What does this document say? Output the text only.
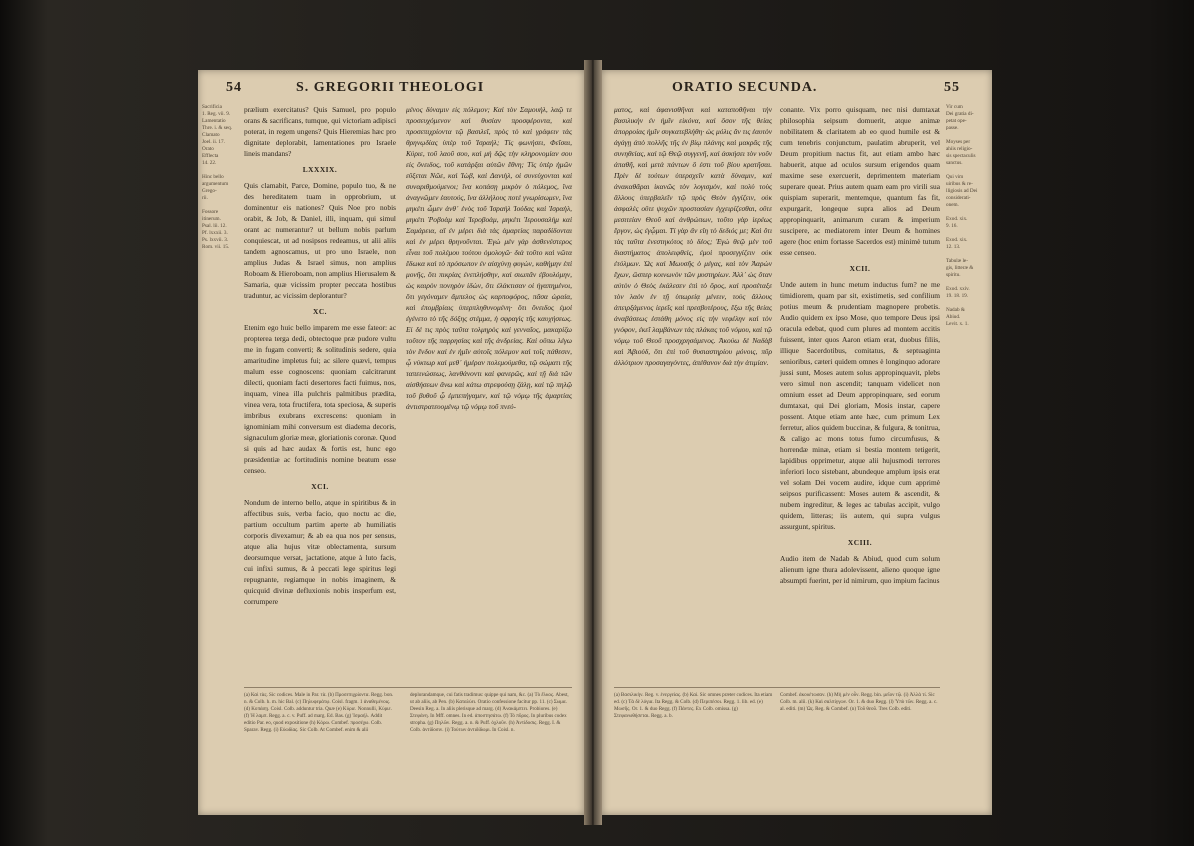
54	S. GREGORII THEOLOGI
Sacrificia
1. Reg. vii. 9.
Lamentatio
Thre. i. & seq.
Clamato
Joel. ii. 17.
Orato
Efflecta
14. 22.

Hinc bello
argumentum
Grego-
rii.

Fossore
itinerum.
Psal. lii. 12.
Pf. lxxxii. 3.
Ps. lxxvii. 3.
Rom. vii. 15.
prælium exercitatus? Quis Samuel, pro populo orans & sacrificans, tumque, qui victoriam adipisci poterat, in regem ungens? Quis Hieremias hæc pro dignitate deplorabit, lamentationes pro Israele lineis mandans?
LXXXIX.
Quis clamabit, Parce, Domine, populo tuo, & ne des hereditatem tuam in opprobrium, ut dominentur eis nationes? Quis Noe pro nobis orabit, & Job, & Daniel, illi, inquam, qui simul orant ac numerantur? ut bellum nobis parlum conquiescat, ut ad nosipsos redeamus, ut alii aliis tandem agnoscamus, ut pro uno Israele, non amplius Judas & Israel simus, non amplius Roboam & Hieroboam, non amplius Hierusalem & Samaria, quæ vicissim propter peccata hostibus traduntur, ac vicissim deplorantur?
XC.
Etenim ego huic bello imparem me esse fateor: ac propterea terga dedi, obtectoque præ pudore vultu me in fugam converti; & solitudinis sedere, quia amaritudine impletus fui; ac silere quævi, tempus malum esse cognoscens: quoniam calcitrarunt dilecti, quoniam facti desertores facti fuimus, nos, inquam, vinea illa pulchris palmitibus prædita, vinea vera, tota fructifera, tota speciosa, & superis imbribus exubrans excrescens: quoniam in ignominiam mihi conversum est diadema decoris, signaculum gloriæ meæ, gloriationis coronæ. Quod si quis ad hæc audax & fortis est, hunc ego præsidentiæ ac fortitudinis nomine beatum esse censeo.
XCI.
Nondum de interno bello, atque in spiritibus & in affectibus suis, verba facio, quo noctu ac die, partium occultum partim aperte ab humiliatis corporis divexamur; & ab ea qua nos per sensus, atque alia hujus vitæ oblectamenta, sursum deorsumque versat, jactatione, atque à luto facis, cui infixi sumus, & à peccati lege spiritus legi repugnante, regiamque in nobis imaginem, & quicquid divinæ defluxionis nobis insperfum est, corrumpere
μένος δύναμιν εἰς πόλεμον; Καὶ τὸν Σαμουὴλ, λαῷ τε προσευχόμενον καὶ θυσίαν προσφέροντα, καὶ προσεπιχρίοντα τῷ βασιλεῖ, πρὸς τὸ καὶ γράφειν τὰς θρηνῳδίας ὑπὲρ τοῦ Ἰσραήλ; Τίς φωνήσει, Φεῖσαι, Κύριε, τοῦ λαοῦ σου, καὶ μὴ δῷς τὴν κληρονομίαν σου εἰς ὄνειδος, τοῦ κατάρξαι αὐτῶν ἔθνη; Τίς ὑπὲρ ἡμῶν εὔξεται Νῶε, καὶ Ἰὼβ, καὶ Δανιὴλ, οἱ συνεύχονται καὶ συναριθμούμενοι; ἵνα κοπάσῃ μικρὸν ὁ πόλεμος, ἵνα ἀναγνῶμεν ἑαυτούς, ἵνα ἀλλήλους ποτὲ γνωρίσωμεν, ἵνα μηκέτι ὦμεν ἀνθ᾽ ἑνὸς τοῦ Ἰσραὴλ Ἰούδας καὶ Ἰσραὴλ, μηκέτι Ῥοβοὰμ καὶ Ἱεροβοὰμ, μηκέτι Ἱερουσαλὴμ καὶ Σαμάρεια, αἳ ἐν μέρει διὰ τὰς ἁμαρτίας παραδίδονται καὶ ἐν μέρει θρηνοῦνται. Ἐγὼ μὲν γὰρ ἀσθενέστερος εἶναι τοῦ πολέμου τούτου ὁμολογῶ· διὰ τοῦτο καὶ νῶτα ἔδωκα καὶ τὸ πρόσωπον ἐν αἰσχύνῃ φυγὼν, καθήμην ἐπὶ μονῆς, ὅτι πικρίας ἐνεπλήσθην, καὶ σιωπᾶν ἐβουλόμην, ὡς καιρὸν πονηρὸν ἰδὼν, ὅτι ἐλάκτισαν οἱ ἠγαπημένοι, ὅτι γεγόναμεν ἄμπελος ὡς καρποφόρος, πᾶσα ὡραία, καὶ ἐπομβρίαις ὑπερπληθυνομένη· ὅτι ὄνειδος ἐμοὶ ἐγένετο τὸ τῆς δόξης στέμμα, ἡ σφραγὶς τῆς καυχήσεως. Εἰ δέ τις πρὸς ταῦτα τολμηρὸς καὶ γενναῖος, μακαρίζω τοῦτον τῆς παρρησίας καὶ τῆς ἀνδρείας. Καὶ οὔπω λέγω τὸν ἔνδον καὶ ἐν ἡμῖν αὐτοῖς πόλεμον καὶ τοῖς πάθεσιν, ᾧ νύκτωρ καὶ μεθ᾽ ἡμέραν πολεμούμεθα, τῷ σώματι τῆς ταπεινώσεως, λανθάνοντι καὶ φανερῶς, καὶ τῇ διὰ τῶν αἰσθήσεων ἄνω καὶ κάτω στρεφούσῃ ζάλῃ, καὶ τῷ πηλῷ τοῦ βυθοῦ ᾧ ἐμπεπήγαμεν, καὶ τῷ νόμῳ τῆς ἁμαρτίας ἀντιστρατευομένῳ τῷ νόμῳ τοῦ πνεύ-
(a) Καὶ τὰς. Sic codices. Male in Par. τὰ. (b) Προσεπιχρίοντα. Regg. bon. n. & Colb. h. m. hic Bal. (c) Πηλυφεράτῳ. Coisl. fragm. 1 ἀναθεμένοις. (d) Κοπάσῃ. Coisl. Colb. adduntur tria. Quæ (e) Κύριε. Nonnulli, Κύριε. (f) Ἡ λαμπ. Regg. a. c. v. Puff. ad marg. Ed. Bas. (g) Ἰσραήλ. Addit editio Par. eo, quod expositione (h) Κόρω. Combef. προσέχω. Colb. Sparav. Regg. (i) Εὐωδίας. Sic Colb. At Combef. enim & alii
deplorandamque, cui fatis tradimus: quippe qui nam, &c. (a) Τὸ ἕλκος. Abest, ut ab aliis, ab Pen. (b) Καταλύει. Oratio confessione facitur pp. 11. (c) Σωμα. Deesin Reg. a. In aliis plerisque ad marg. (d) Ἀνακάμπτει. Probiores. (e) Στεφάνη. In Mff. omnes. In ed. ἀποστησάτω. (f) Τό πῦρος. In pluribus codex stropha. (g) Πηλῶν. Regg. a. n. & Puff. ὀχλοῦν. (h) Ἀντίδοσις. Regg. I. & Colb. ἀντίδοσιν. (i) Τούτων ἀντιδίδωμι. In Coisl. n.
ORATIO SECUNDA.	55
Vir cum
Dei gratia di-
petat ope-
passe.

Moyses per
ahiis religio-
sis spectaculis
sanctus.

Qui vim
uiribus & re-
lligiosis ad Dei
considerati-
onem.

Exod. xix.
9. 16.

Exod. xix.
12. 13.

Tabulæ le-
gis, litteræ &
spiritu.

Exod. xxiv.
19. 18. 19.

Nadab &
Abiud.
Levit. x. 1.
ματος, καὶ ἀφανισθῆναι καὶ καταποθῆναι τὴν βασιλικὴν ἐν ἡμῖν εἰκόνα, καὶ ὅσον τῆς θείας ἀπορροίας ἡμῖν συγκατεβλήθη· ὡς μόλις ἄν τις ἑαυτὸν ἀγάγῃ ἀπὸ πολλῆς τῆς ἐν βίῳ πλάνης καὶ μακρᾶς τῆς συνηθείας, καὶ τῷ Θεῷ συγγενῆ, καὶ ἀσκήσει τὸν νοῦν ἀπαθῆ, καὶ μετὰ πάντων ὃ ἐστι τοῦ βίου κρατῆσαι. Πρὶν δὲ τούτων ὑπερσχεῖν κατὰ δύναμιν, καὶ ἀνακαθᾶραι ἱκανῶς τὸν λογισμὸν, καὶ πολὺ τοὺς ἄλλους ὑπερβαλεῖν τῷ πρὸς Θεὸν ἐγγίζειν, οὐκ ἀσφαλὲς οὔτε ψυχῶν προστασίαν ἐγχειρίζεσθαι, οὔτε μεσιτείαν Θεοῦ καὶ ἀνθρώπων, τοῦτο γὰρ ἱερέως ἔργον, ὡς ἐγᾦμαι. Τί γὰρ ἂν εἴη τὸ δεδιός με; Καὶ ὅτι τὰς ταῦτα ἐνεστηκότος τὸ δέος; Ἐγὼ θεῷ μὲν τοῦ διαστήματος ἀπολειφθεὶς, ἐμοὶ προσεγγίζειν οὐκ ἐτόλμων. Ὡς καὶ Μωυσῆς ὁ μέγας, καὶ τὸν Ἀαρὼν ἔχων, ὥσπερ κοινωνὸν τῶν μυστηρίων. Ἀλλ᾽ ὡς ὅταν αὐτὸν ὁ Θεὸς ἐκάλεσεν ἐπὶ τὸ ὄρος, καὶ προσέταξε τὸν λαὸν ἐν τῇ ὑπωρείᾳ μένειν, τοὺς ἄλλους ἀπειρξάμενος ἱερεῖς καὶ πρεσβυτέρους, ἔξω τῆς θείας ἀναβάσεως ἐστάθη μόνος εἰς τὴν νεφέλην καὶ τὸν γνόφον, ἐκεῖ λαμβάνων τὰς πλάκας τοῦ νόμου, καὶ τῷ νόμῳ τοῦ Θεοῦ προσχρησάμενος. Ἀκούω δὲ Ναδὰβ καὶ Ἀβιούδ, ὅτι ἐπὶ τοῦ θυσιαστηρίου μόνοις, πῦρ ἀλλότριον προσαγαγόντες, ἀπέθανον διὰ τὴν ἀτιμίαν.
conante. Vix porro quisquam, nec nisi dumtaxat philosophia seipsum domuerit, atque animæ nobilitatem & claritatem ab eo quod humile est & cum tenebris conjunctum, paulatim abruperit, vel Deum propitium nactus fit, aut etiam ambo hæc habuerit, atque ad oculos sursum erigendos quam maxime sese exercuerit, deprimentem materiam superare queat. Prius autem quam eam pro virili sua quispiam superarit, mentemque, quantum fas fit, expurgarit, longeque supra alios ad Deum appropinquarit, animarum curam & imperium suscipere, ac mediatorem inter Deum & homines agere (hoc enim fortasse Sacerdos est) minimè tutum esse censeo.
XCII.
Unde autem in hunc metum inductus fum? ne me timidiorem, quam par sit, existimetis, sed confilium potius meum & prudentiam magnopere probetis. Audio quidem ex ipso Mose, quo tempore Deus ipsi oracula edebat, quod cum plures ad montem accitis fuissent, inter quos Aaron etiam erat, duobus filiis, illique Sacerdotibus, comitatus, & septuaginta senioribus, cæteri quidem omnes è longinquo adorare jussi sunt, Moses autem solus appropinquavit, plebs vero simul non ascendit; tanquam videlicet non omnium esset ad Deum appropinquare, sed eorum dumtaxat, qui Dei gloriam, Mosis instar, capere possent. Atque etiam ante hæc, cum primum Lex ferretur, alios quidem buccinæ, & fulgura, & tonitrua, & caligo ac mons totus fumo circumfusus, & horrendæ minæ, etiam si bestia montem tetigerit, lapidibus opprimetur, atque alii hujusmodi terrores inferiori loco sistebant, abundeque amplum ipsis erat vel solam Dei vocem audire, idque cum apprimè seipsos purificassent: Moses autem & ascendit, & nubem ingreditur, & leges ac tabulas accipit, vulgo quidem, litteras; iis autem, qui supra vulgus assurgunt, spiritus.
XCIII.
Audio item de Nadab & Abiud, quod cum solum alienum igne thura adolevissent, alieno quoque igne absumpti fuerint, per id nimirum, quo impium facinus
(a) Βασιλικὴν. Reg. v. ἐνεργείας. (b) Καὶ. Sic omnes præter codices. Ita etiam ed. (c) Τὰ δὲ λόγια. Ita Regg. & Colb. (d) Περιπέσοι. Regg. 1. lib. ed. (e) Μωσῆς. Or. 1. & duo Regg. (f) Πάντες. Ex Colb. omissa. (g) Στεφανωθήσεται. Regg. a. b.
Combef. ἀκουέτωσαν. (h) Μὴ μὲν οὖν. Regg. bin. μεῖον τῷ. (i) Ἀλλὰ τί. Sic Colb. m. alii. (k) Καὶ σαλπίγγων. Or. 1. & duo Regg. (l) Ὑπὸ τῶν. Regg. a. c. al. editi. (m) Ὡς. Reg. & Combef. (n) Τοῦ θεοῦ. Tres Colb. editi.
